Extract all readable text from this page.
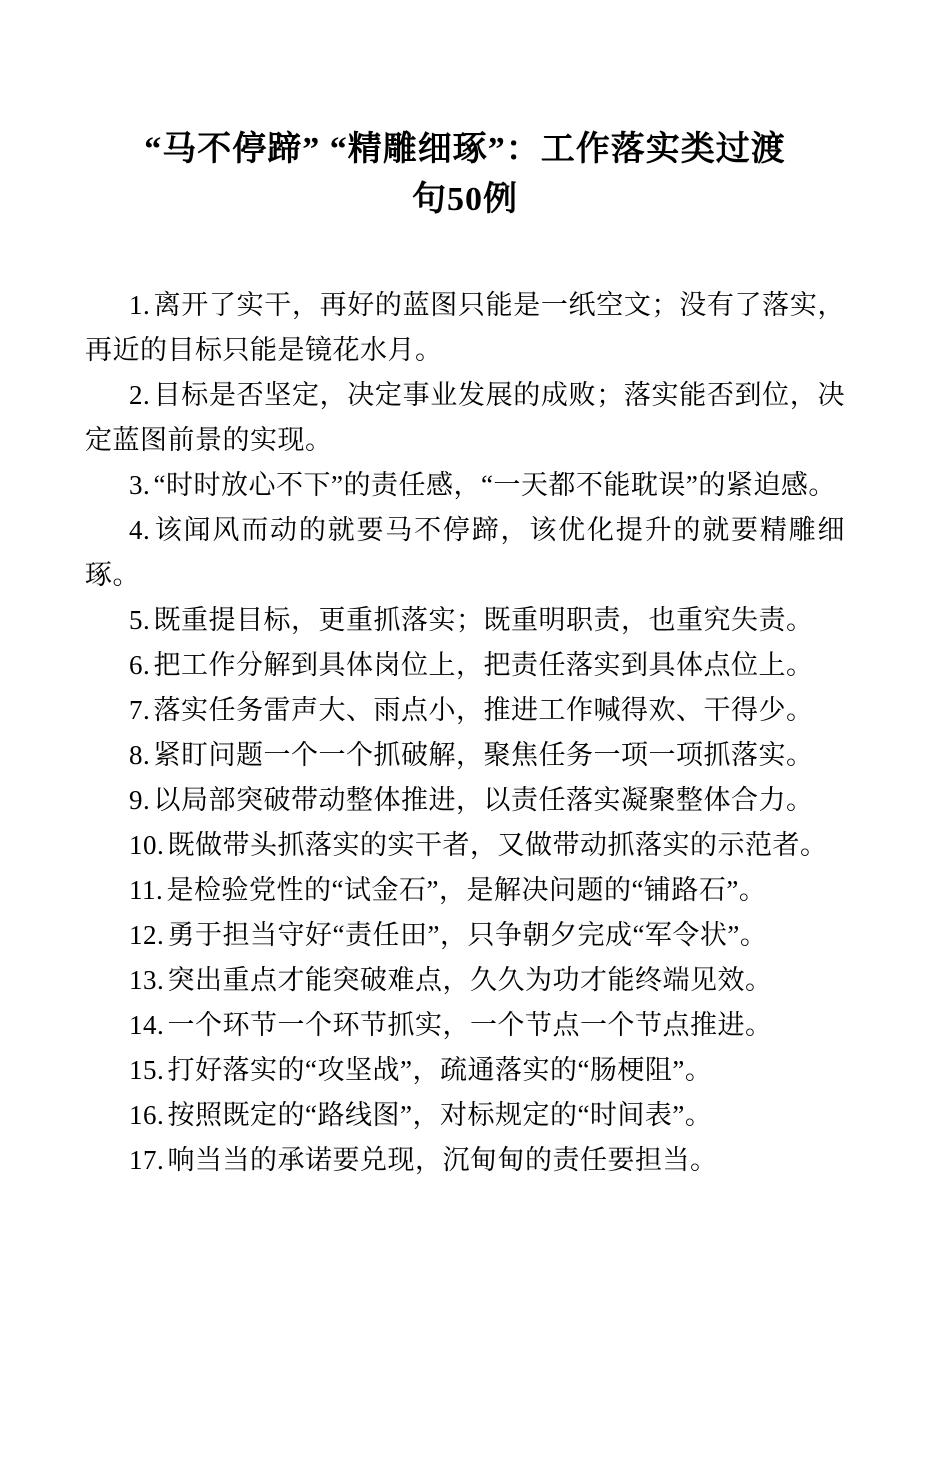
“马不停蹄” “精雕细琢”：工作落实类过渡
句50例

1. 离开了实干，再好的蓝图只能是一纸空文；没有了落实，再近的目标只能是镜花水月。

2. 目标是否坚定，决定事业发展的成败；落实能否到位，决定蓝图前景的实现。

3. “时时放心不下”的责任感，“一天都不能耽误”的紧迫感。

4. 该闻风而动的就要马不停蹄，该优化提升的就要精雕细琢。

5. 既重提目标，更重抓落实；既重明职责，也重究失责。

6. 把工作分解到具体岗位上，把责任落实到具体点位上。

7. 落实任务雷声大、雨点小，推进工作喊得欢、干得少。

8. 紧盯问题一个一个抓破解，聚焦任务一项一项抓落实。

9. 以局部突破带动整体推进，以责任落实凝聚整体合力。

10. 既做带头抓落实的实干者，又做带动抓落实的示范者。

11. 是检验党性的“试金石”，是解决问题的“铺路石”。

12. 勇于担当守好“责任田”，只争朝夕完成“军令状”。

13. 突出重点才能突破难点，久久为功才能终端见效。

14. 一个环节一个环节抓实，一个节点一个节点推进。

15. 打好落实的“攻坚战”，疏通落实的“肠梗阻”。

16. 按照既定的“路线图”，对标规定的“时间表”。

17. 响当当的承诺要兑现，沉甸甸的责任要担当。
